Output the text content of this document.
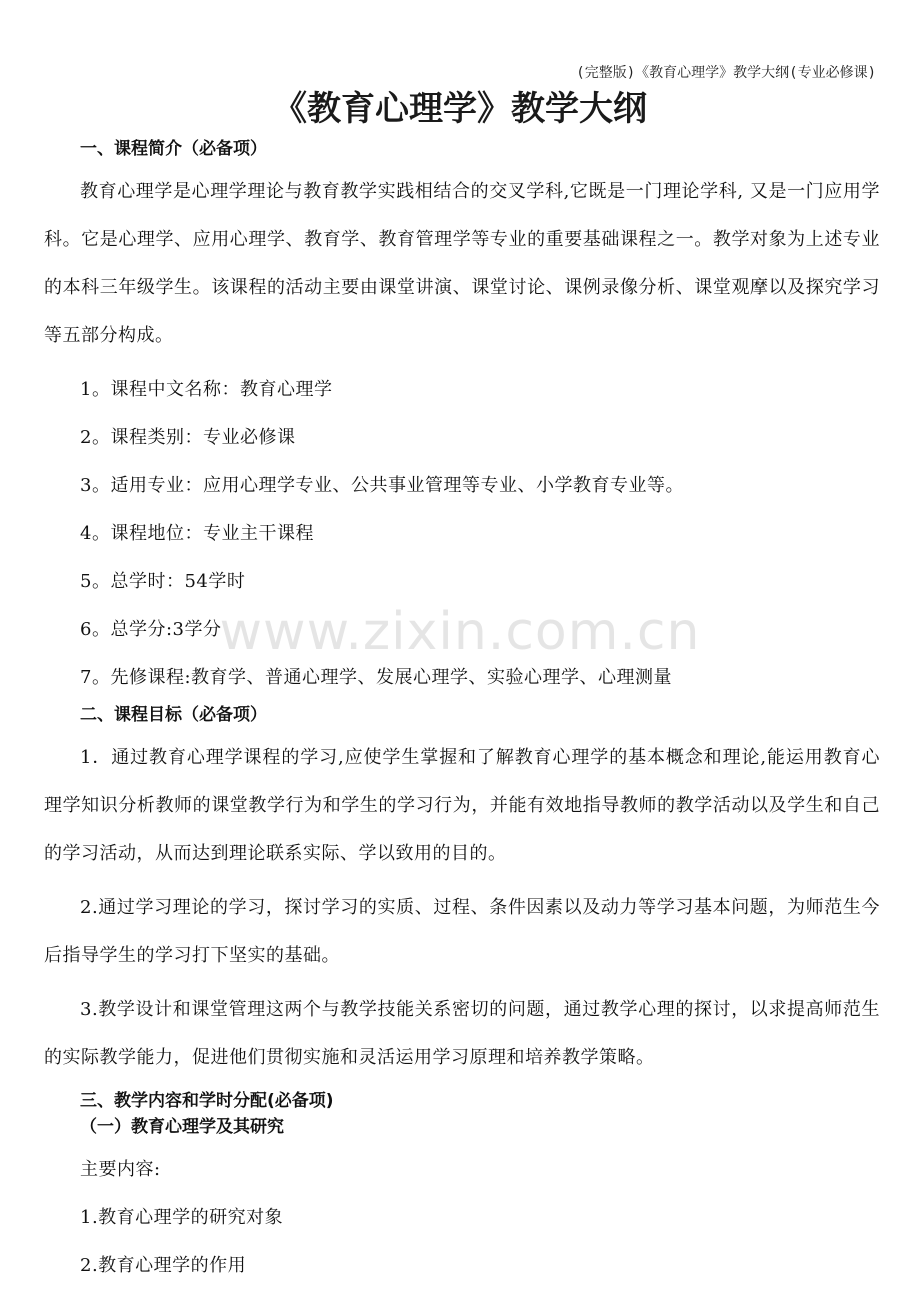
(完整版)《教育心理学》教学大纲(专业必修课)
《教育心理学》教学大纲
www.zixin.com.cn
一、课程简介（必备项）

教育心理学是心理学理论与教育教学实践相结合的交叉学科,它既是一门理论学科, 又是一门应用学科。它是心理学、应用心理学、教育学、教育管理学等专业的重要基础课程之一。教学对象为上述专业的本科三年级学生。该课程的活动主要由课堂讲演、课堂讨论、课例录像分析、课堂观摩以及探究学习等五部分构成。

1。课程中文名称：教育心理学

2。课程类别：专业必修课

3。适用专业：应用心理学专业、公共事业管理等专业、小学教育专业等。

4。课程地位：专业主干课程

5。总学时：54学时

6。总学分:3学分

7。先修课程:教育学、普通心理学、发展心理学、实验心理学、心理测量

二、课程目标（必备项）

1．通过教育心理学课程的学习,应使学生掌握和了解教育心理学的基本概念和理论,能运用教育心理学知识分析教师的课堂教学行为和学生的学习行为，并能有效地指导教师的教学活动以及学生和自己的学习活动，从而达到理论联系实际、学以致用的目的。

2.通过学习理论的学习，探讨学习的实质、过程、条件因素以及动力等学习基本问题，为师范生今后指导学生的学习打下坚实的基础。

3.教学设计和课堂管理这两个与教学技能关系密切的问题，通过教学心理的探讨，以求提高师范生的实际教学能力，促进他们贯彻实施和灵活运用学习原理和培养教学策略。

三、教学内容和学时分配(必备项)
（一）教育心理学及其研究

主要内容:

1.教育心理学的研究对象

2.教育心理学的作用
